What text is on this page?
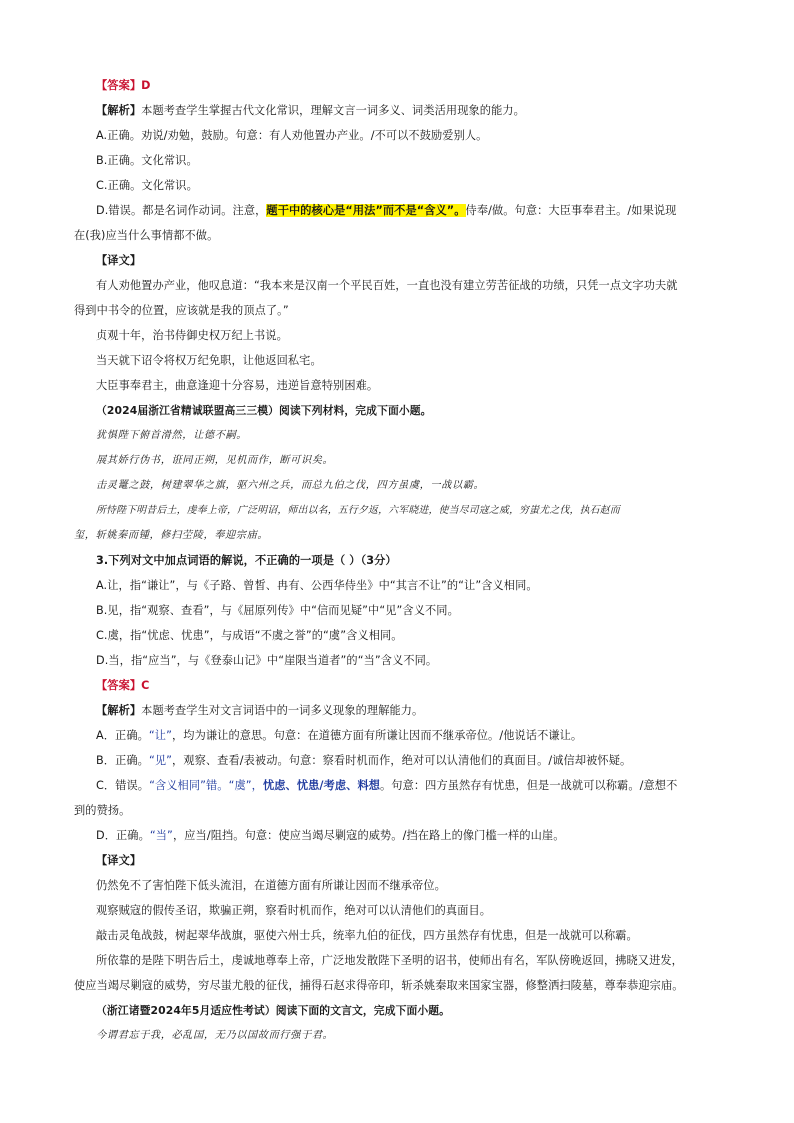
【答案】D
【解析】本题考查学生掌握古代文化常识，理解文言一词多义、词类活用现象的能力。
A.正确。劝说/劝勉，鼓励。句意：有人劝他置办产业。/不可以不鼓励爱别人。
B.正确。文化常识。
C.正确。文化常识。
D.错误。都是名词作动词。注意，题干中的核心是“用法”而不是“含义”。侍奉/做。句意：大臣事奉君主。/如果说现
在(我)应当什么事情都不做。
【译文】
有人劝他置办产业，他叹息道：“我本来是汉南一个平民百姓，一直也没有建立劳苦征战的功绩，只凭一点文字功夫就
得到中书令的位置，应该就是我的顶点了。”
贞观十年，治书侍御史权万纪上书说。
当天就下诏令将权万纪免职，让他返回私宅。
大臣事奉君主，曲意逢迎十分容易，违逆旨意特别困难。
（2024届浙江省精诚联盟高三三模）阅读下列材料，完成下面小题。
犹惧陛下俯首滑然，让德不嗣。
展其娇行伪书，诳同正朔，见机而作，断可识矣。
击灵鼍之鼓，树建翠华之旗，驱六州之兵，而总九伯之伐，四方虽虞，一战以霸。
所恃陛下明昔后土，虔奉上帝，广泛明诏，师出以名，五行夕返，六军晓进，使当尽司寇之威，穷蚩尤之伐，执石赵而
玺，斩姚秦而锺，修扫茔陵，奉迎宗庙。
3.下列对文中加点词语的解说，不正确的一项是（ ）（3分）
A.让，指“谦让”，与《子路、曾皙、冉有、公西华侍坐》中“其言不让”的“让”含义相同。
B.见，指“观察、查看”，与《屈原列传》中“信而见疑”中“见”含义不同。
C.虞，指“忧虑、忧患”，与成语“不虞之誉”的“虞”含义相同。
D.当，指“应当”，与《登泰山记》中“崖限当道者”的“当”含义不同。
【答案】C
【解析】本题考查学生对文言词语中的一词多义现象的理解能力。
A．正确。“让”，均为谦让的意思。句意：在道德方面有所谦让因而不继承帝位。/他说话不谦让。
B．正确。“见”，观察、查看/表被动。句意：察看时机而作，绝对可以认清他们的真面目。/诚信却被怀疑。
C．错误。“含义相同”错。“虞”，忧虑、忧患/考虑、料想。句意：四方虽然存有忧患，但是一战就可以称霸。/意想不
到的赞扬。
D．正确。“当”，应当/阻挡。句意：使应当竭尽剿寇的威势。/挡在路上的像门槛一样的山崖。
【译文】
仍然免不了害怕陛下低头流泪，在道德方面有所谦让因而不继承帝位。
观察贼寇的假传圣诏，欺骗正朔，察看时机而作，绝对可以认清他们的真面目。
敲击灵龟战鼓，树起翠华战旗，驱使六州士兵，统率九伯的征伐，四方虽然存有忧患，但是一战就可以称霸。
所依靠的是陛下明告后土，虔诚地尊奉上帝，广泛地发散陛下圣明的诏书，使师出有名，军队傍晚返回，拂晓又进发，
使应当竭尽剿寇的威势，穷尽蚩尤般的征伐，捕得石赵求得帝印，斩杀姚秦取来国家宝器，修整洒扫陵墓，尊奉恭迎宗庙。
（浙江诸暨2024年5月适应性考试）阅读下面的文言文，完成下面小题。
今谓君忘于我，必乱国，无乃以国故而行强于君。
